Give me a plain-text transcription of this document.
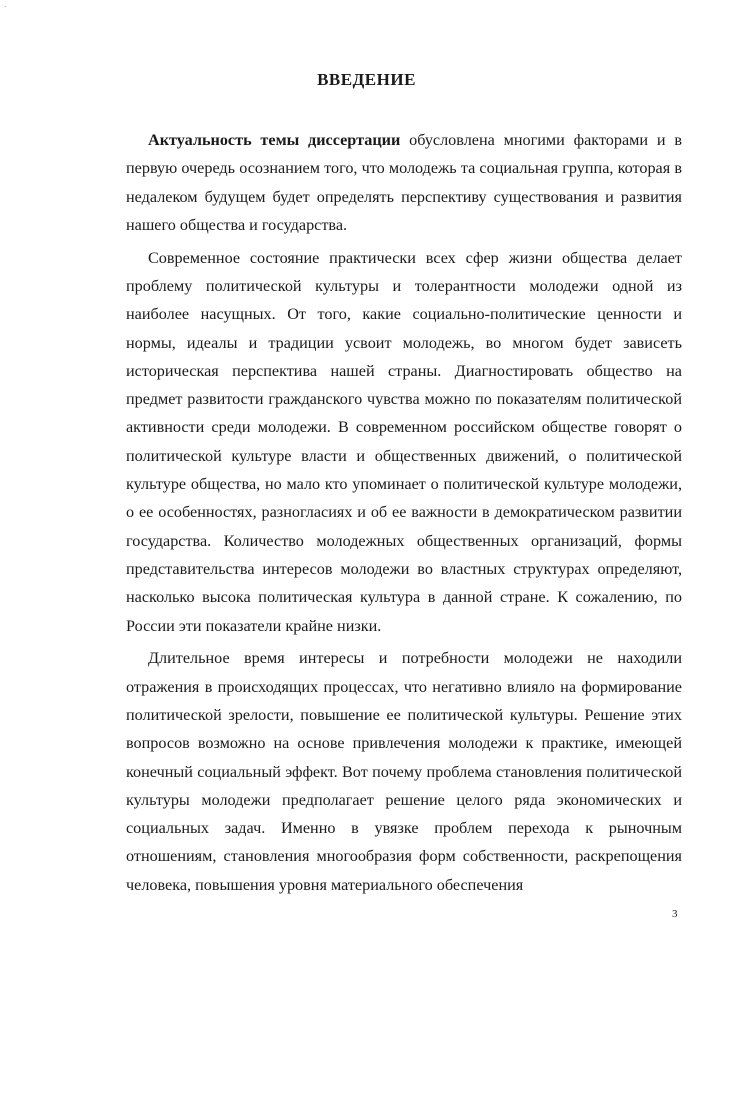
·
ВВЕДЕНИЕ

Актуальность темы диссертации обусловлена многими факторами и в первую очередь осознанием того, что молодежь та социальная группа, которая в недалеком будущем будет определять перспективу существования и развития нашего общества и государства.

Современное состояние практически всех сфер жизни общества делает проблему политической культуры и толерантности молодежи одной из наиболее насущных. От того, какие социально-политические ценности и нормы, идеалы и традиции усвоит молодежь, во многом будет зависеть историческая перспектива нашей страны. Диагностировать общество на предмет развитости гражданского чувства можно по показателям политической активности среди молодежи. В современном российском обществе говорят о политической культуре власти и общественных движений, о политической культуре общества, но мало кто упоминает о политической культуре молодежи, о ее особенностях, разногласиях и об ее важности в демократическом развитии государства. Количество молодежных общественных организаций, формы представительства интересов молодежи во властных структурах определяют, насколько высока политическая культура в данной стране. К сожалению, по России эти показатели крайне низки.

Длительное время интересы и потребности молодежи не находили отражения в происходящих процессах, что негативно влияло на формирование политической зрелости, повышение ее политической культуры. Решение этих вопросов возможно на основе привлечения молодежи к практике, имеющей конечный социальный эффект. Вот почему проблема становления политической культуры молодежи предполагает решение целого ряда экономических и социальных задач. Именно в увязке проблем перехода к рыночным отношениям, становления многообразия форм собственности, раскрепощения человека, повышения уровня материального обеспечения

3
